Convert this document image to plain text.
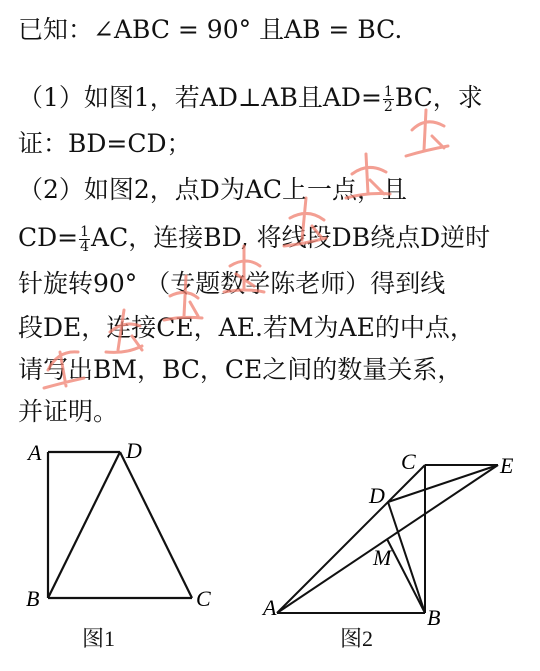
已知：∠ABC = 90° 且AB = BC.
（1）如图1，若AD⊥AB且$AD= \frac{1}{2}$ BC，求
证：BD=CD；
（2）如图2，点D为AC上一点，且
$CD= \frac{1}{4}$ AC，连接BD, 将线段DB绕点D逆时
针旋转90° （专题数学陈老师）得到线
段DE，连接CE，AE.若M为AE的中点，
请写出BM，BC，CE之间的数量关系，
并证明。
A	D
B	C
图1
A	B
C
D
E
M
图2
